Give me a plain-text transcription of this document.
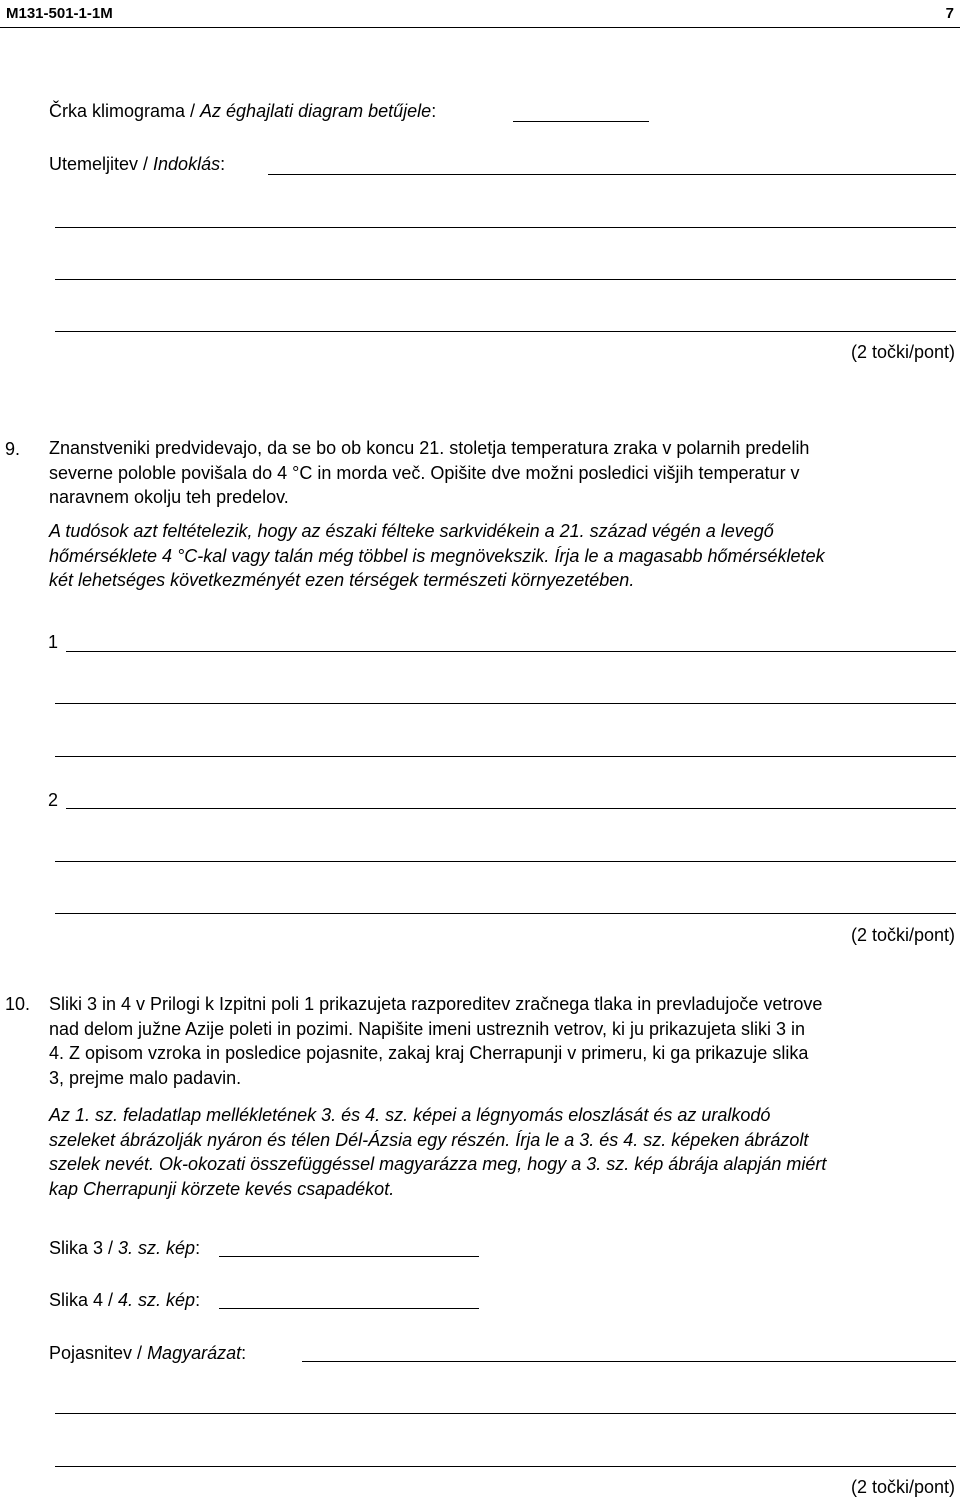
M131-501-1-1M	7
Črka klimograma / Az éghajlati diagram betűjele:
Utemeljitev / Indoklás:
(2 točki/pont)
9. Znanstveniki predvidevajo, da se bo ob koncu 21. stoletja temperatura zraka v polarnih predelih
severne poloble povišala do 4 °C in morda več. Opišite dve možni posledici višjih temperatur v
naravnem okolju teh predelov.
A tudósok azt feltételezik, hogy az északi félteke sarkvidékein a 21. század végén a levegő
hőmérséklete 4 °C-kal vagy talán még többel is megnövekszik. Írja le a magasabb hőmérsékletek
két lehetséges következményét ezen térségek természeti környezetében.
1
2
(2 točki/pont)
10. Sliki 3 in 4 v Prilogi k Izpitni poli 1 prikazujeta razporeditev zračnega tlaka in prevladujoče vetrove
nad delom južne Azije poleti in pozimi. Napišite imeni ustreznih vetrov, ki ju prikazujeta sliki 3 in
4. Z opisom vzroka in posledice pojasnite, zakaj kraj Cherrapunji v primeru, ki ga prikazuje slika
3, prejme malo padavin.
Az 1. sz. feladatlap mellékletének 3. és 4. sz. képei a légnyomás eloszlását és az uralkodó
szeleket ábrázolják nyáron és télen Dél-Ázsia egy részén. Írja le a 3. és 4. sz. képeken ábrázolt
szelek nevét. Ok-okozati összefüggéssel magyarázza meg, hogy a 3. sz. kép ábrája alapján miért
kap Cherrapunji körzete kevés csapadékot.
Slika 3 / 3. sz. kép:
Slika 4 / 4. sz. kép:
Pojasnitev / Magyarázat:
(2 točki/pont)
